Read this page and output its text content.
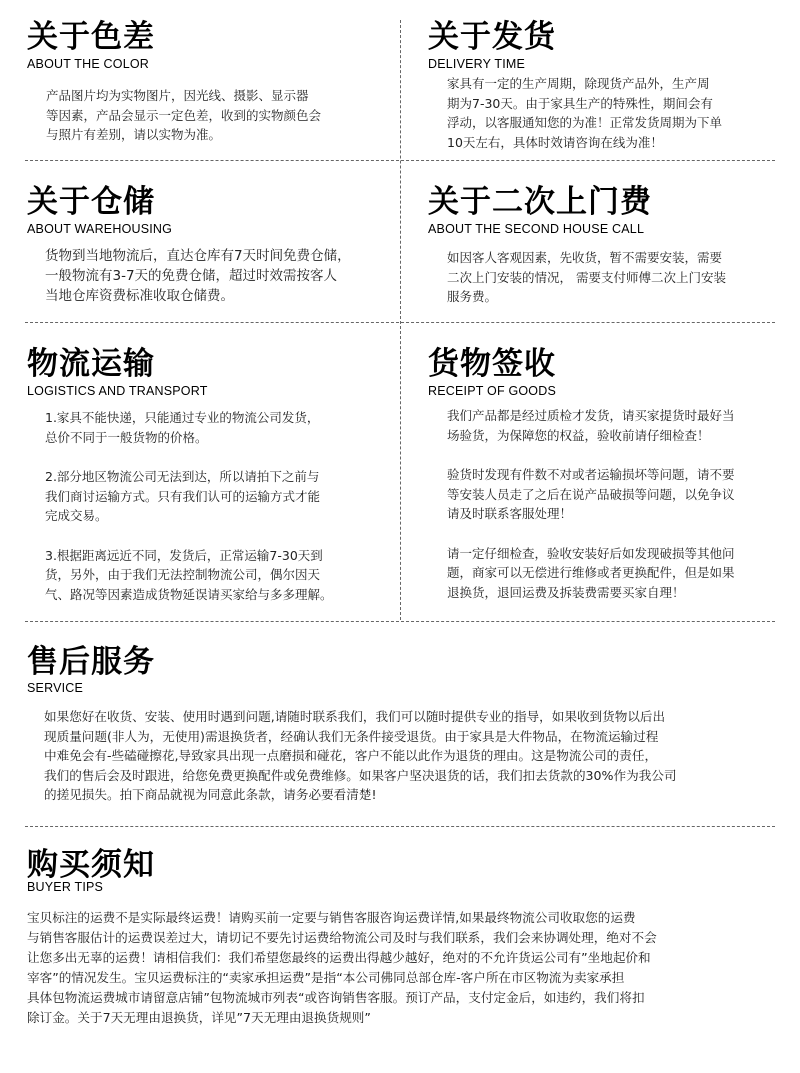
关于色差
ABOUT THE COLOR

产品图片均为实物图片，因光线、摄影、显示器

等因素，产品会显示一定色差，收到的实物颜色会

与照片有差别，请以实物为准。

关于发货
DELIVERY TIME

家具有一定的生产周期，除现货产品外，生产周

期为7-30天。由于家具生产的特殊性，期间会有

浮动，以客服通知您的为准！正常发货周期为下单

10天左右，具体时效请咨询在线为准！

关于仓储
ABOUT WAREHOUSING

货物到当地物流后，直达仓库有7天时间免费仓储，

一般物流有3-7天的免费仓储，超过时效需按客人

当地仓库资费标准收取仓储费。

关于二次上门费
ABOUT THE SECOND HOUSE CALL

如因客人客观因素，先收货，暂不需要安装，需要

二次上门安装的情况， 需要支付师傅二次上门安装

服务费。

物流运输
LOGISTICS AND TRANSPORT

1.家具不能快递，只能通过专业的物流公司发货，

总价不同于一般货物的价格。

2.部分地区物流公司无法到达，所以请拍下之前与

我们商讨运输方式。只有我们认可的运输方式才能

完成交易。

3.根据距离远近不同，发货后，正常运输7-30天到

货，另外，由于我们无法控制物流公司，偶尔因天

气、路况等因素造成货物延误请买家给与多多理解。

货物签收
RECEIPT OF GOODS

我们产品都是经过质检才发货，请买家提货时最好当

场验货，为保障您的权益，验收前请仔细检查！

验货时发现有件数不对或者运输损坏等问题，请不要

等安装人员走了之后在说产品破损等问题，以免争议

请及时联系客服处理！

请一定仔细检查，验收安装好后如发现破损等其他问

题，商家可以无偿进行维修或者更换配件，但是如果

退换货，退回运费及拆装费需要买家自理！

售后服务
SERVICE

如果您好在收货、安装、使用时遇到问题,请随时联系我们，我们可以随时提供专业的指导，如果收到货物以后出

现质量问题(非人为，无使用)需退换货者，经确认我们无条件接受退货。由于家具是大件物品，在物流运输过程

中难免会有-些磕碰擦花,导致家具出现一点磨损和碰花，客户不能以此作为退货的理由。这是物流公司的责任，

我们的售后会及时跟进，给您免费更换配件或免费维修。如果客户坚决退货的话，我们扣去货款的30%作为我公司

的搓见损失。拍下商品就视为同意此条款，请务必要看清楚!

购买须知
BUYER TIPS

宝贝标注的运费不是实际最终运费！请购买前一定要与销售客服咨询运费详情,如果最终物流公司收取您的运费

与销售客服估计的运费误差过大，请切记不要先讨运费给物流公司及时与我们联系，我们会来协调处理，绝对不会

让您多出无辜的运费！请相信我们：我们希望您最终的运费出得越少越好，绝对的不允许货运公司有”坐地起价和

宰客”的情况发生。宝贝运费标注的“卖家承担运费”是指“本公司佛同总部仓库-客户所在市区物流为卖家承担

具体包物流运费城市请留意店铺”包物流城市列表“或咨询销售客服。预订产品，支付定金后，如违约，我们将扣

除订金。关于7天无理由退换货，详见”7天无理由退换货规则”
